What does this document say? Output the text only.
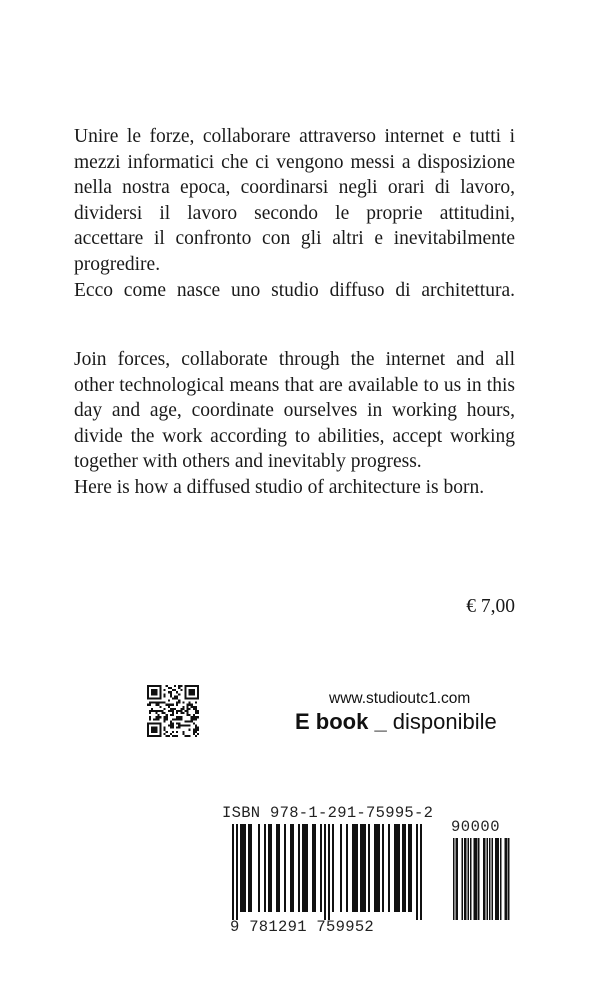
Unire le forze, collaborare attraverso internet e tutti i mezzi informatici che ci vengono messi a disposizione nella nostra epoca, coordinarsi negli orari di lavoro, dividersi il lavoro secondo le proprie attitudini, accettare il confronto con gli altri e inevitabilmente progredire.

Ecco come nasce uno studio diffuso di architettura.

Join forces, collaborate through the internet and all other technological means that are available to us in this day and age, coordinate ourselves in working hours, divide the work according to abilities, accept working together with others and inevitably progress.

Here is how a diffused studio of architecture is born.

€ 7,00
www.studioutc1.com
E book _ disponibile
ISBN 978-1-291-75995-2
90000
9 781291 759952
